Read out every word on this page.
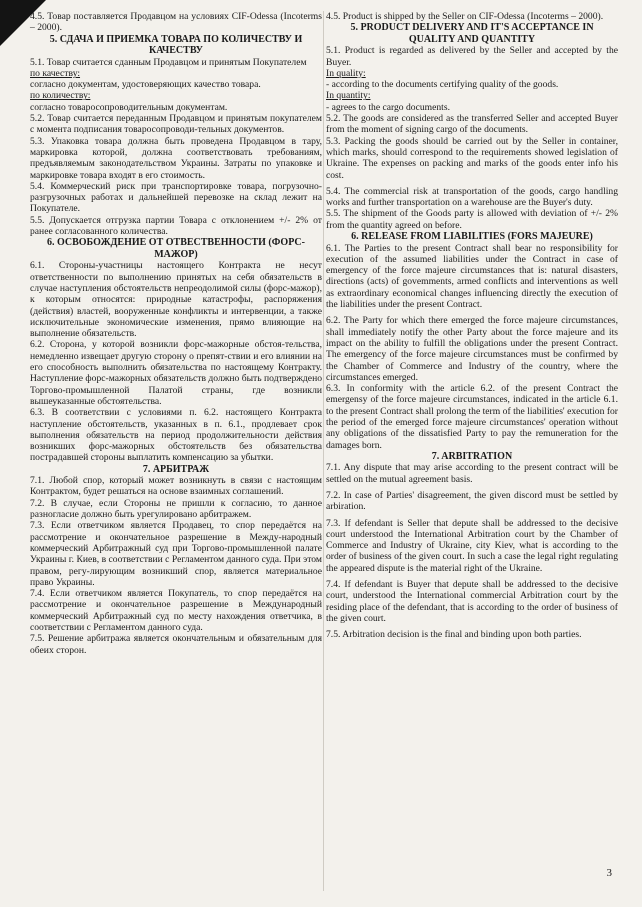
4.5. Товар поставляется Продавцом на условиях CIF-Odessa (Incoterms – 2000).

5. СДАЧА И ПРИЕМКА ТОВАРА ПО КОЛИЧЕСТВУ И КАЧЕСТВУ

5.1. Товар считается сданным Продавцом и принятым Покупателем

по качеству:

согласно документам, удостоверяющих качество товара.

по количеству:

согласно товаросопроводительным документам.

5.2. Товар считается переданным Продавцом и принятым покупателем с момента подписания товаросопроводи-тельных документов.

5.3. Упаковка товара должна быть проведена Продавцом в тару, маркировка которой, должна соответствовать требованиям, предъявляемым законодательством Украины. Затраты по упаковке и маркировке товара входят в его стоимость.

5.4. Коммерческий риск при транспортировке товара, погрузочно-разгрузочных работах и дальнейшей перевозке на склад лежит на Покупателе.

5.5. Допускается отгрузка партии Товара с отклонением +/- 2% от ранее согласованного количества.

6. ОСВОБОЖДЕНИЕ ОТ ОТВЕСТВЕННОСТИ (ФОРС-МАЖОР)

6.1. Стороны-участницы настоящего Контракта не несут ответственности по выполнению принятых на себя обязательств в случае наступления обстоятельств непреодолимой силы (форс-мажор), к которым относятся: природные катастрофы, распоряжения (действия) властей, вооруженные конфликты и интервенции, а также исключительные экономические изменения, прямо влияющие на выполнение обязательств.

6.2. Сторона, у которой возникли форс-мажорные обстоя-тельства, немедленно извещает другую сторону о препят-ствии и его влиянии на его способность выполнить обязательства по настоящему Контракту. Наступление форс-мажорных обязательств должно быть подтверждено Торгово-промышленной Палатой страны, где возникли вышеуказанные обстоятельства.

6.3. В соответствии с условиями п. 6.2. настоящего Контракта наступление обстоятельств, указанных в п. 6.1., продлевает срок выполнения обязательств на период продолжительности действия возникших форс-мажорных обстоятельств без обязательства пострадавшей стороны выплатить компенсацию за убытки.

7. АРБИТРАЖ

7.1. Любой спор, который может возникнуть в связи с настоящим Контрактом, будет решаться на основе взаимных соглашений.

7.2. В случае, если Стороны не пришли к согласию, то данное разногласие должно быть урегулировано арбитражем.

7.3. Если ответчиком является Продавец, то спор передаётся на рассмотрение и окончательное разрешение в Между-народный коммерческий Арбитражный суд при Торгово-промышленной палате Украины г. Киев, в соответствии с Регламентом данного суда. При этом правом, регу-лирующим возникший спор, является материальное право Украины.

7.4. Если ответчиком является Покупатель, то спор передаётся на рассмотрение и окончательное разрешение в Международный коммерческий Арбитражный суд по месту нахождения ответчика, в соответствии с Регламентом данного суда.

7.5. Решение арбитража является окончательным и обязательным для обеих сторон.

4.5. Product is shipped by the Seller on CIF-Odessa (Incoterms – 2000).

5. PRODUCT DELIVERY AND IT'S ACCEPTANCE IN QUALITY AND QUANTITY

5.1. Product is regarded as delivered by the Seller and accepted by the Buyer.

In quality:

- according to the documents certifying quality of the goods.

In quantity:

- agrees to the cargo documents.

5.2. The goods are considered as the transferred Seller and accepted Buyer from the moment of signing cargo of the documents.

5.3. Packing the goods should be carried out by the Seller in container, which marks, should correspond to the requirements showed legislation of Ukraine. The expenses on packing and marks of the goods enter info his cost.

5.4. The commercial risk at transportation of the goods, cargo handling works and further transportation on a warehouse are the Buyer's duty.

5.5. The shipment of the Goods party is allowed with deviation of +/- 2% from the quantity agreed on before.

6. RELEASE FROM LIABILITIES (FORS MAJEURE)

6.1. The Parties to the present Contract shall bear no responsibility for execution of the assumed liabilities under the Contract in case of emergency of the force majeure circumstances that is: natural disasters, directions (acts) of govemments, armed conflicts and interventions as well as extraordinary economical changes influencing directly the execution of the liabilities under the present Contract.

6.2. The Party for which there emerged the force majeure circumstances, shall immediately notify the other Party about the force majeure and its impact on the ability to fulfill the obligations under the present Contract. The emergency of the force majeure circumstances must be confirmed by the Chamber of Commerce and Industry of the country, where the circumstances emerged.

6.3. In conformity with the article 6.2. of the present Contract the emergensy of the force majeure circumstances, indicated in the article 6.1. to the present Contract shall prolong the term of the liabilities' execution for the period of the emerged force majeure circumstances' operation without any obligations of the dissatisfied Party to pay the remuneration for the damages born.

7. ARBITRATION

7.1. Any dispute that may arise according to the present contract will be settled on the mutual agreement basis.

7.2. In case of Parties' disagreement, the given discord must be settled by arbiration.

7.3. If defendant is Seller that depute shall be addressed to the decisive court understood the International Arbitration court by the Chamber of Commerce and Industry of Ukraine, city Kiev, what is according to the order of business of the given court. In such a case the legal right regulating the appeared dispute is the material right of the Ukraine.

7.4. If defendant is Buyer that depute shall be addressed to the decisive court, understood the International commercial Arbitration court by the residing place of the defendant, that is according to the order of business of the given court.

7.5. Arbitration decision is the final and binding upon both parties.

3
